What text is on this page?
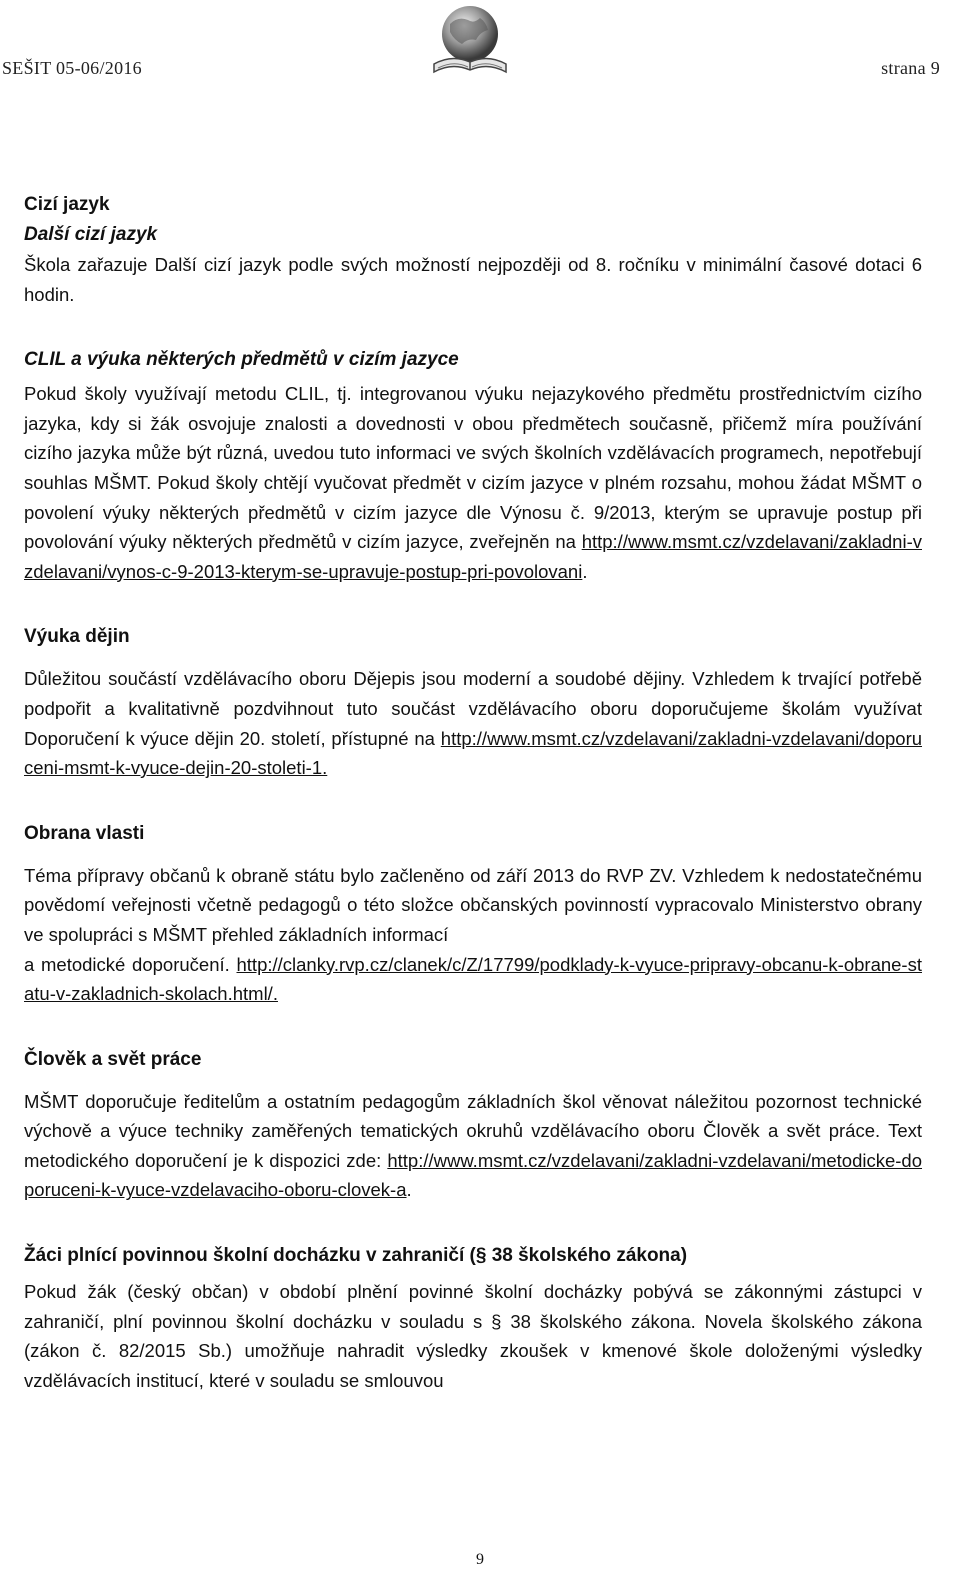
SEŠIT 05-06/2016	strana 9
Cizí jazyk
Další cizí jazyk

Škola zařazuje Další cizí jazyk podle svých možností nejpozději od 8. ročníku v minimální časové dotaci 6 hodin.

CLIL a výuka některých předmětů v cizím jazyce

Pokud školy využívají metodu CLIL, tj. integrovanou výuku nejazykového předmětu prostřednictvím cizího jazyka, kdy si žák osvojuje znalosti a dovednosti v obou předmětech současně, přičemž míra používání cizího jazyka může být různá, uvedou tuto informaci ve svých školních vzdělávacích programech, nepotřebují souhlas MŠMT. Pokud školy chtějí vyučovat předmět v cizím jazyce v plném rozsahu, mohou žádat MŠMT o povolení výuky některých předmětů v cizím jazyce dle Výnosu č. 9/2013, kterým se upravuje postup při povolování výuky některých předmětů v cizím jazyce, zveřejněn na http://www.msmt.cz/vzdelavani/zakladni-vzdelavani/vynos-c-9-2013-kterym-se-upravuje-postup-pri-povolovani.

Výuka dějin

Důležitou součástí vzdělávacího oboru Dějepis jsou moderní a soudobé dějiny. Vzhledem k trvající potřebě podpořit a kvalitativně pozdvihnout tuto součást vzdělávacího oboru doporučujeme školám využívat Doporučení k výuce dějin 20. století, přístupné na http://www.msmt.cz/vzdelavani/zakladni-vzdelavani/doporuceni-msmt-k-vyuce-dejin-20-stoleti-1.

Obrana vlasti

Téma přípravy občanů k obraně státu bylo začleněno od září 2013 do RVP ZV. Vzhledem k nedostatečnému povědomí veřejnosti včetně pedagogů o této složce občanských povinností vypracovalo Ministerstvo obrany ve spolupráci s MŠMT přehled základních informací

a metodické doporučení. http://clanky.rvp.cz/clanek/c/Z/17799/podklady-k-vyuce-pripravy-obcanu-k-obrane-statu-v-zakladnich-skolach.html/.

Člověk a svět práce

MŠMT doporučuje ředitelům a ostatním pedagogům základních škol věnovat náležitou pozornost technické výchově a výuce techniky zaměřených tematických okruhů vzdělávacího oboru Člověk a svět práce. Text metodického doporučení je k dispozici zde: http://www.msmt.cz/vzdelavani/zakladni-vzdelavani/metodicke-doporuceni-k-vyuce-vzdelavaciho-oboru-clovek-a.

Žáci plnící povinnou školní docházku v zahraničí (§ 38 školského zákona)

Pokud žák (český občan) v období plnění povinné školní docházky pobývá se zákonnými zástupci v zahraničí, plní povinnou školní docházku v souladu s § 38 školského zákona. Novela školského zákona (zákon č. 82/2015 Sb.) umožňuje nahradit výsledky zkoušek v kmenové škole doloženými výsledky vzdělávacích institucí, které v souladu se smlouvou

9
